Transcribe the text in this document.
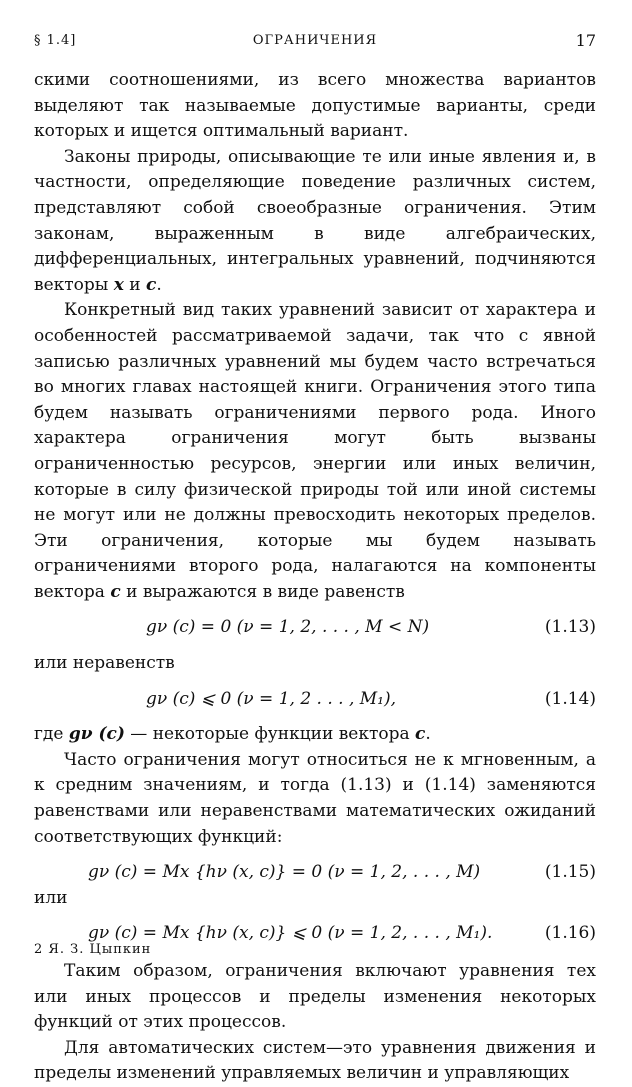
§ 1.4]	ОГРАНИЧЕНИЯ	17

скими соотношениями, из всего множества вариантов выделяют так называемые допустимые варианты, среди которых и ищется оптимальный вариант.

Законы природы, описывающие те или иные явления и, в частности, определяющие поведение различных систем, представляют собой своеобразные ограничения. Этим законам, выраженным в виде алгебраических, дифференциальных, интегральных уравнений, подчиняются векторы x и c.

Конкретный вид таких уравнений зависит от характера и особенностей рассматриваемой задачи, так что с явной записью различных уравнений мы будем часто встречаться во многих главах настоящей книги. Ограничения этого типа будем называть ограничениями первого рода. Иного характера ограничения могут быть вызваны ограниченностью ресурсов, энергии или иных величин, которые в силу физической природы той или иной системы не могут или не должны превосходить некоторых пределов. Эти ограничения, которые мы будем называть ограничениями второго рода, налагаются на компоненты вектора c и выражаются в виде равенств

gν (c) = 0 (ν = 1, 2, . . . , M < N)	(1.13)

или неравенств

gν (c) ⩽ 0 (ν = 1, 2 . . . , M₁),	(1.14)

где gν (c) — некоторые функции вектора c.

Часто ограничения могут относиться не к мгновенным, а к средним значениям, и тогда (1.13) и (1.14) заменяются равенствами или неравенствами математических ожиданий соответствующих функций:

gν (c) = Mx {hν (x, c)} = 0 (ν = 1, 2, . . . , M)	(1.15)

или

gν (c) = Mx {hν (x, c)} ⩽ 0 (ν = 1, 2, . . . , M₁).	(1.16)

Таким образом, ограничения включают уравнения тех или иных процессов и пределы изменения некоторых функций от этих процессов.

Для автоматических систем—это уравнения движения и пределы изменений управляемых величин и управляющих

2 Я. З. Цыпкин
